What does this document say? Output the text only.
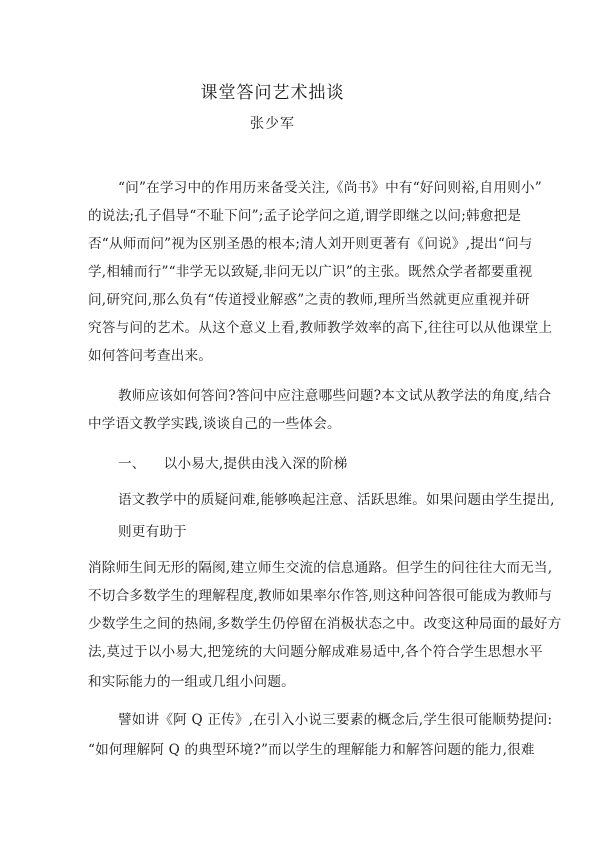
课堂答问艺术拙谈
张少军
“问”在学习中的作用历来备受关注,《尚书》中有“好问则裕,自用则小”
的说法;孔子倡导“不耻下问”;孟子论学问之道,谓学即继之以问;韩愈把是
否“从师而问”视为区别圣愚的根本;清人刘开则更著有《问说》,提出“问与
学,相辅而行”“非学无以致疑,非问无以广识”的主张。既然众学者都要重视
问,研究问,那么负有“传道授业解惑”之责的教师,理所当然就更应重视并研
究答与问的艺术。从这个意义上看,教师教学效率的高下,往往可以从他课堂上
如何答问考查出来。
教师应该如何答问?答问中应注意哪些问题?本文试从教学法的角度,结合
中学语文教学实践,谈谈自己的一些体会。
一、    以小易大,提供由浅入深的阶梯
语文教学中的质疑问难,能够唤起注意、活跃思维。如果问题由学生提出,
则更有助于
消除师生间无形的隔阂,建立师生交流的信息通路。但学生的问往往大而无当,
不切合多数学生的理解程度,教师如果率尔作答,则这种问答很可能成为教师与
少数学生之间的热闹,多数学生仍停留在消极状态之中。改变这种局面的最好方
法,莫过于以小易大,把笼统的大问题分解成难易适中,各个符合学生思想水平
和实际能力的一组或几组小问题。
譬如讲《阿 Q 正传》,在引入小说三要素的概念后,学生很可能顺势提问:
“如何理解阿 Q 的典型环境?”而以学生的理解能力和解答问题的能力,很难
